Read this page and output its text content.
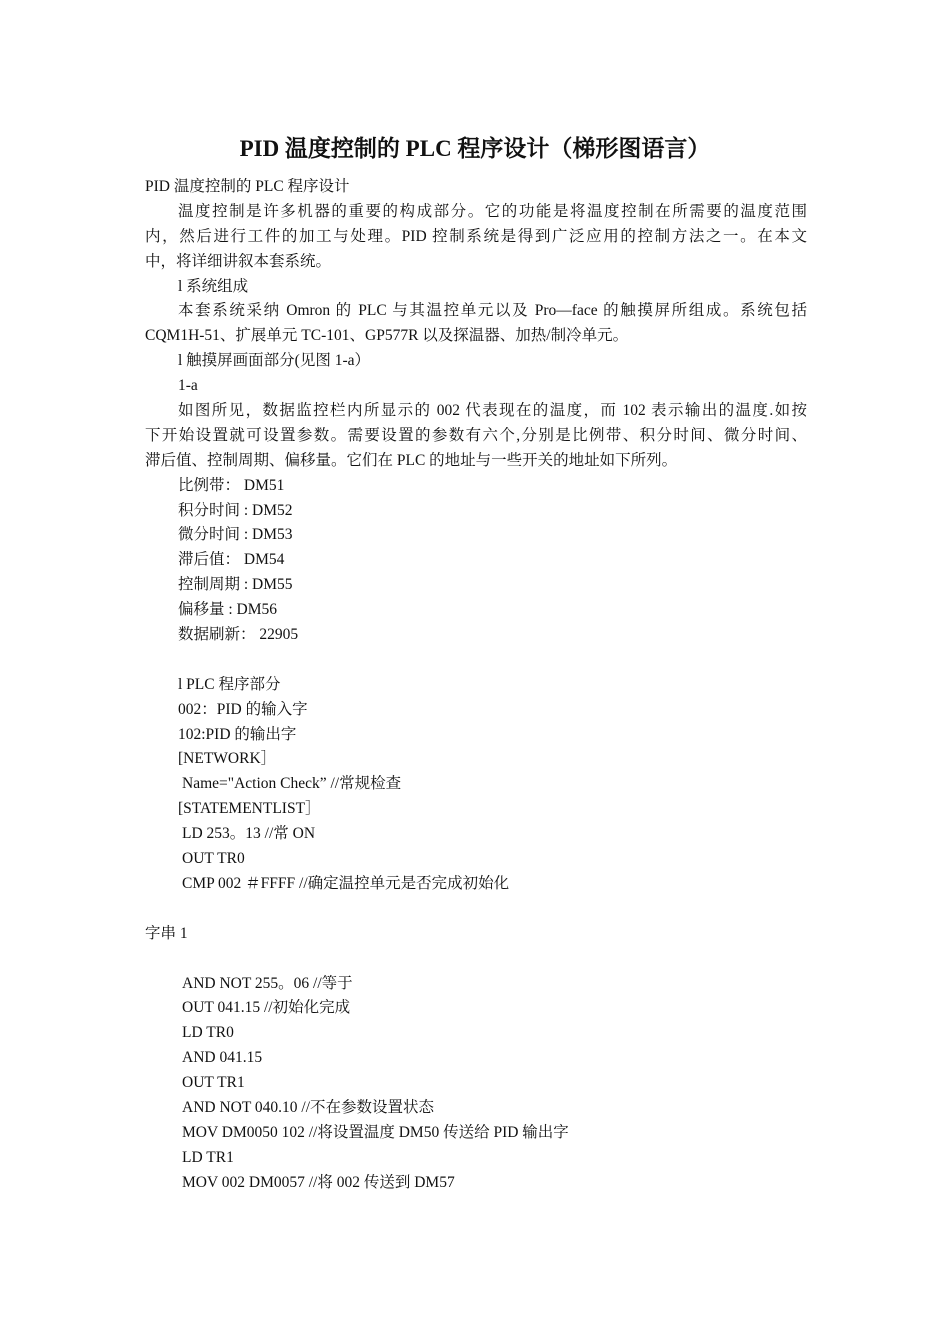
PID 温度控制的 PLC 程序设计（梯形图语言）
PID 温度控制的 PLC 程序设计
温度控制是许多机器的重要的构成部分。它的功能是将温度控制在所需要的温度范围
内，然后进行工件的加工与处理。PID 控制系统是得到广泛应用的控制方法之一。在本文
中，将详细讲叙本套系统。
l 系统组成
本套系统采纳 Omron 的 PLC 与其温控单元以及 Pro—face 的触摸屏所组成。系统包括
CQM1H-51、扩展单元 TC-101、GP577R 以及探温器、加热/制冷单元。
l 触摸屏画面部分(见图 1-a）
1-a
如图所见，数据监控栏内所显示的 002 代表现在的温度，而 102 表示输出的温度.如按
下开始设置就可设置参数。需要设置的参数有六个,分别是比例带、积分时间、微分时间、
滞后值、控制周期、偏移量。它们在 PLC 的地址与一些开关的地址如下所列。
比例带： DM51
积分时间 : DM52
微分时间 : DM53
滞后值： DM54
控制周期 : DM55
偏移量 : DM56
数据刷新： 22905
l PLC 程序部分
002：PID 的输入字
102:PID 的输出字
[NETWORK］
Name="Action Check” //常规检查
[STATEMENTLIST］
LD 253。13 //常 ON
OUT TR0
CMP 002 ＃FFFF //确定温控单元是否完成初始化
字串 1
AND NOT 255。06 //等于
OUT 041.15 //初始化完成
LD TR0
AND 041.15
OUT TR1
AND NOT 040.10 //不在参数设置状态
MOV DM0050 102 //将设置温度 DM50 传送给 PID 输出字
LD TR1
MOV 002 DM0057 //将 002 传送到 DM57
